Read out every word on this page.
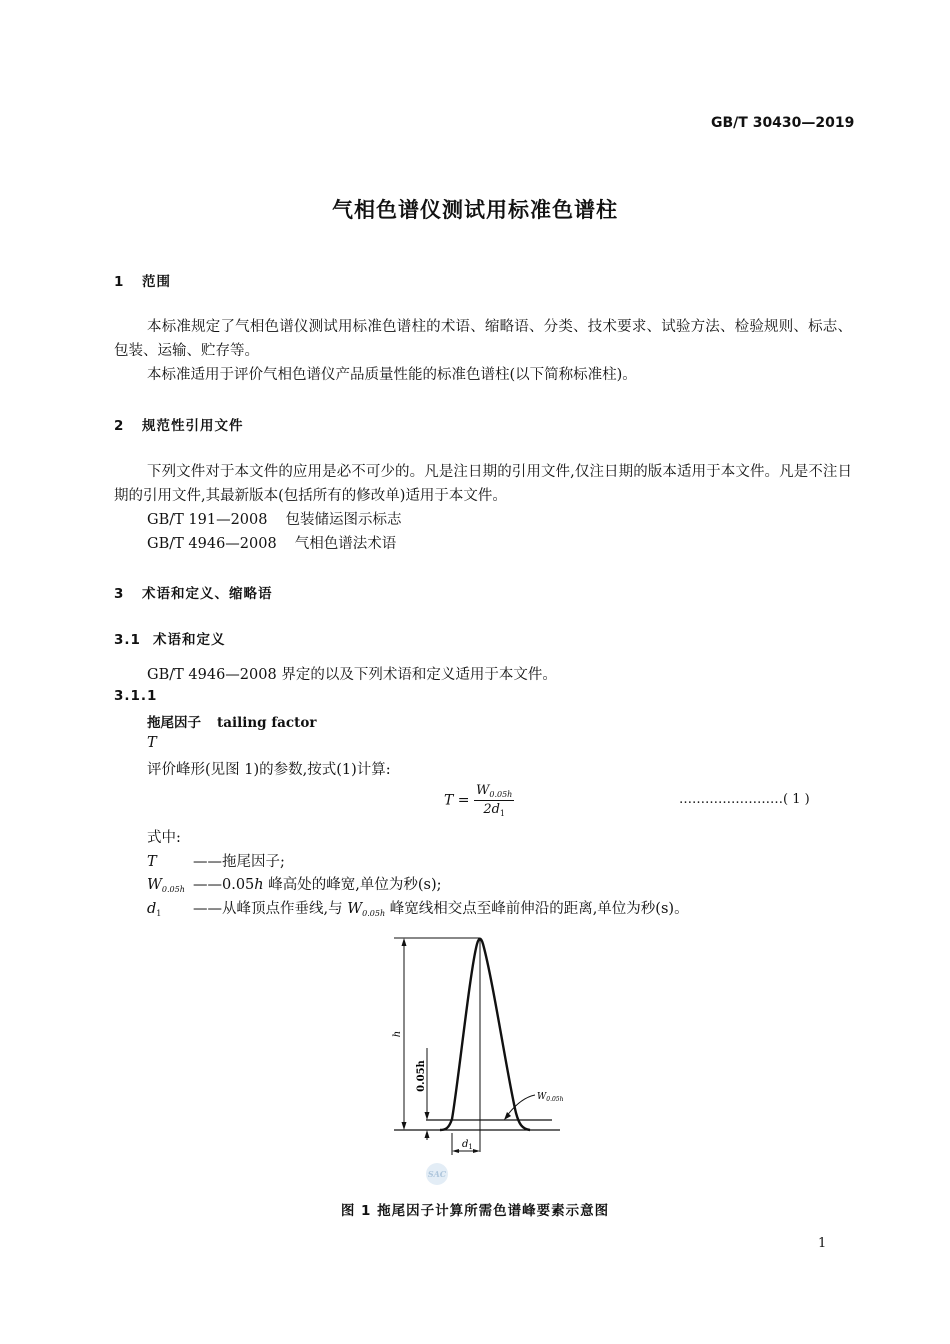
GB/T 30430—2019
气相色谱仪测试用标准色谱柱
1 范围
本标准规定了气相色谱仪测试用标准色谱柱的术语、缩略语、分类、技术要求、试验方法、检验规则、标志、包装、运输、贮存等。
本标准适用于评价气相色谱仪产品质量性能的标准色谱柱(以下简称标准柱)。
2 规范性引用文件
下列文件对于本文件的应用是必不可少的。凡是注日期的引用文件,仅注日期的版本适用于本文件。凡是不注日期的引用文件,其最新版本(包括所有的修改单)适用于本文件。
GB/T 191—2008 包装储运图示标志
GB/T 4946—2008 气相色谱法术语
3 术语和定义、缩略语
3.1 术语和定义
GB/T 4946—2008 界定的以及下列术语和定义适用于本文件。
3.1.1
拖尾因子 tailing factor
T
评价峰形(见图 1)的参数,按式(1)计算:
$T = \frac{W_{0.05h}}{2d_1}$	……………………( 1 )
式中:
T	——拖尾因子;
$W_{0.05h}$ ——0.05h 峰高处的峰宽,单位为秒(s);
$d_1$ ——从峰顶点作垂线,与 $W_{0.05h}$ 峰宽线相交点至峰前伸沿的距离,单位为秒(s)。
h
0.05h
$W_{0.05h}$
$d_1$
SAC
图 1 拖尾因子计算所需色谱峰要素示意图
1
